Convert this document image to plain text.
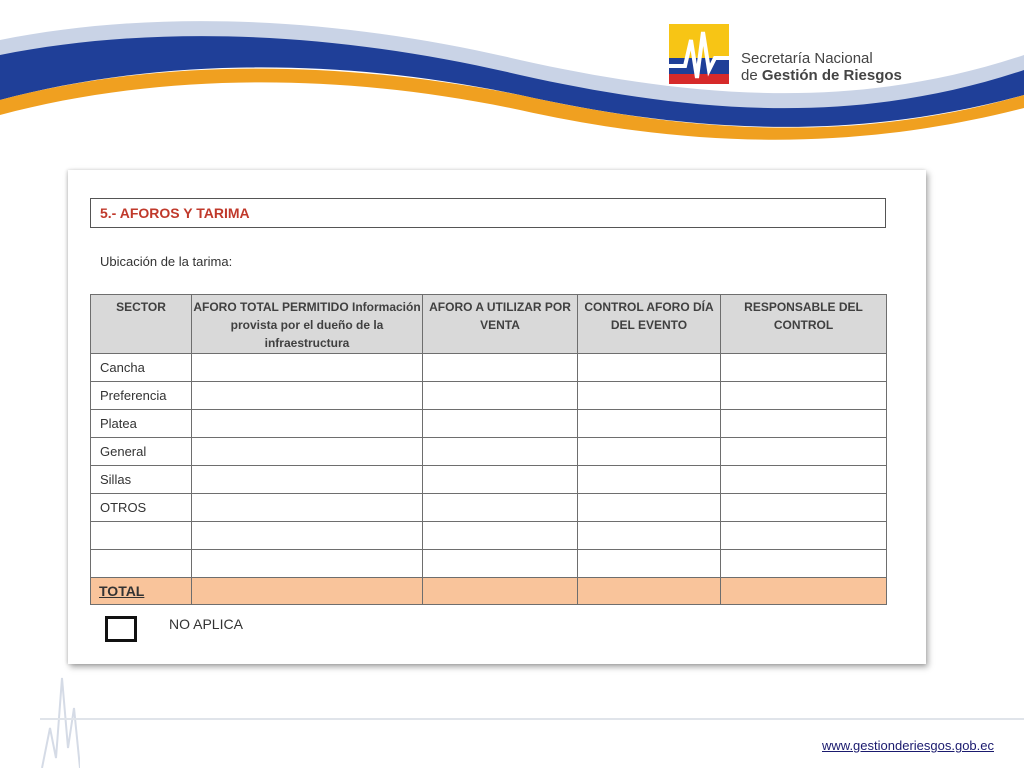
Secretaría Nacional
de Gestión de Riesgos
5.- AFOROS Y TARIMA
Ubicación de la tarima:
SECTOR	AFORO TOTAL PERMITIDO Información provista por el dueño de la infraestructura	AFORO A UTILIZAR POR VENTA	CONTROL AFORO DÍA DEL EVENTO	RESPONSABLE DEL CONTROL
Cancha				
Preferencia				
Platea				
General				
Sillas				
OTROS				

TOTAL				
NO APLICA
www.gestionderiesgos.gob.ec
